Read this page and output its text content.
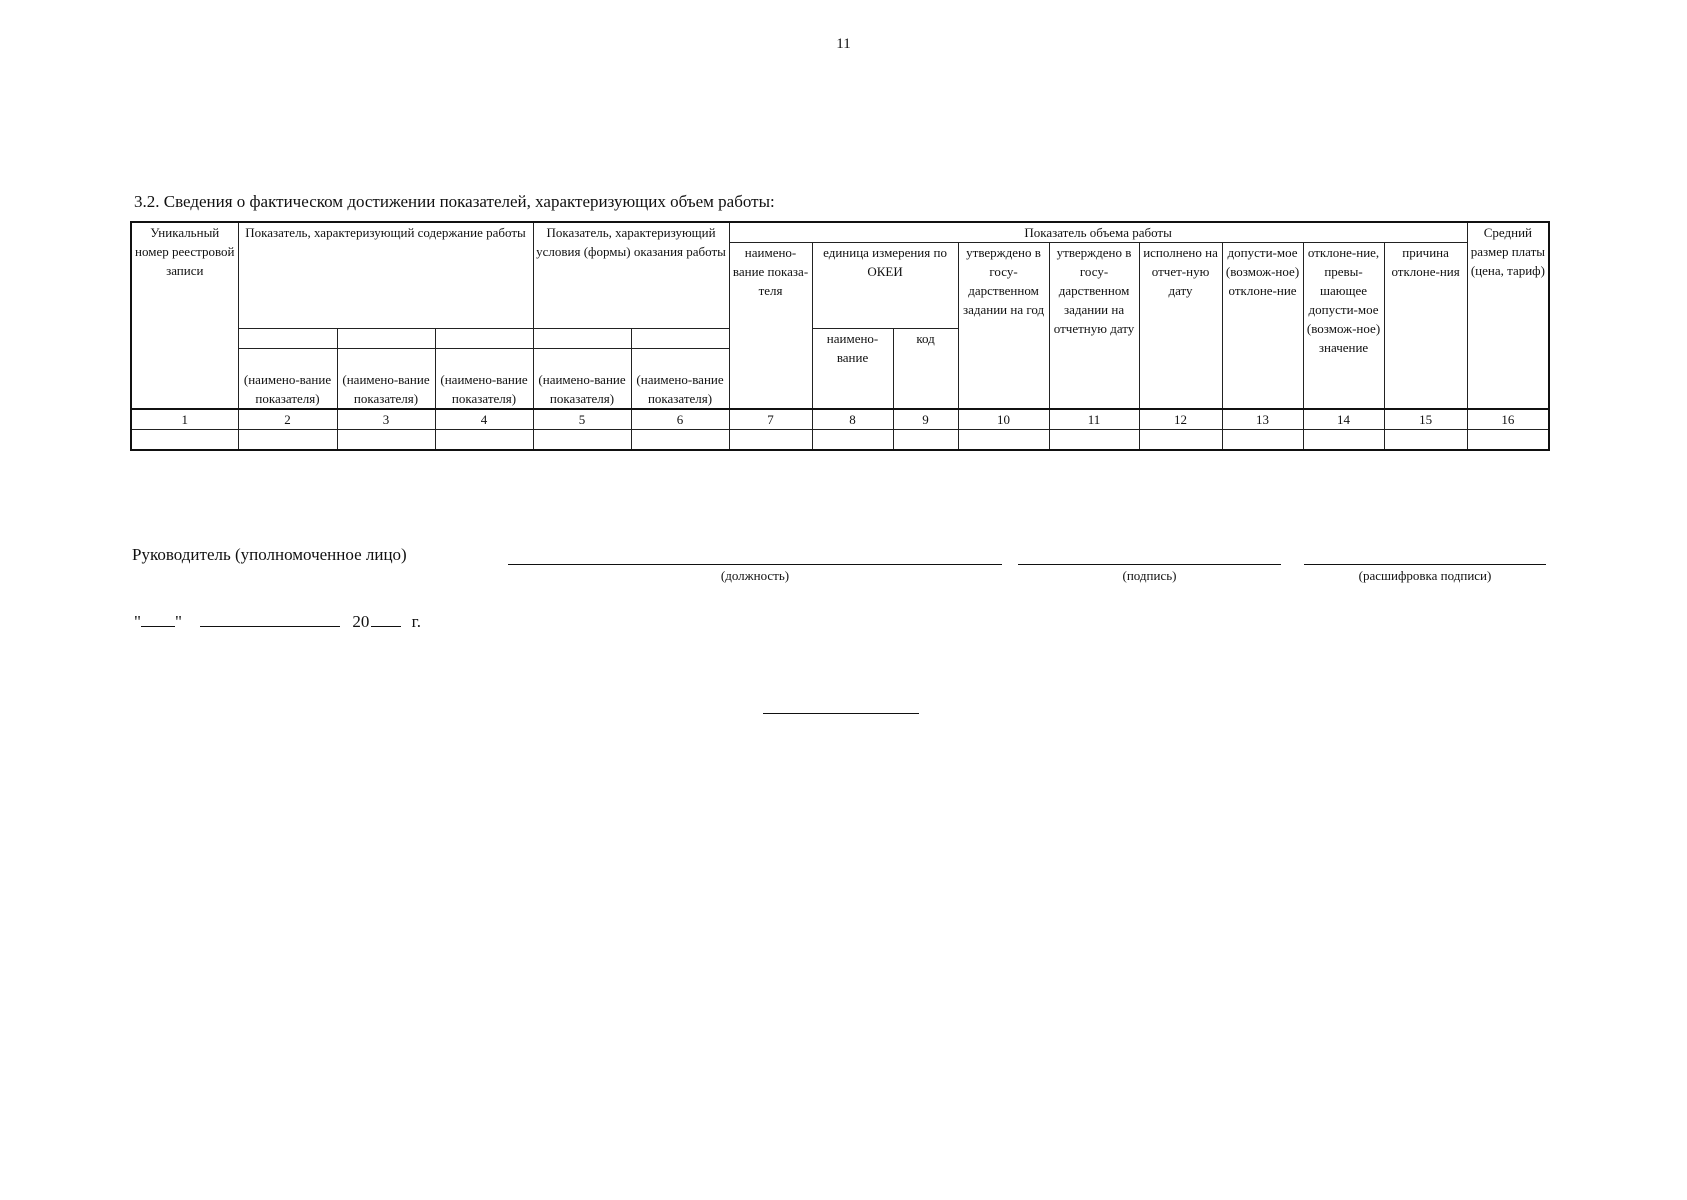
11
3.2. Сведения о фактическом достижении показателей, характеризующих объем работы:
Уникальный номер реестровой записи	Показатель, характеризующий содержание работы			Показатель, характеризующий условия (формы) оказания работы		Показатель объема работы									Средний размер платы (цена, тариф)
						наимено-вание показа-теля	единица измерения по ОКЕИ		утверждено в госу-дарственном задании на год	утверждено в госу-дарственном задании на отчетную дату	исполнено на отчет-ную дату	допусти-мое (возмож-ное) отклоне-ние	отклоне-ние, превы-шающее допусти-мое (возмож-ное) значение	причина отклоне-ния	
							наимено-вание	код							
	(наимено-вание показателя)	(наимено-вание показателя)	(наимено-вание показателя)	(наимено-вание показателя)	(наимено-вание показателя)										
1	2	3	4	5	6	7	8	9	10	11	12	13	14	15	16

Руководитель (уполномоченное лицо)
(должность)	(подпись)	(расшифровка подписи)
" "	20 г.
